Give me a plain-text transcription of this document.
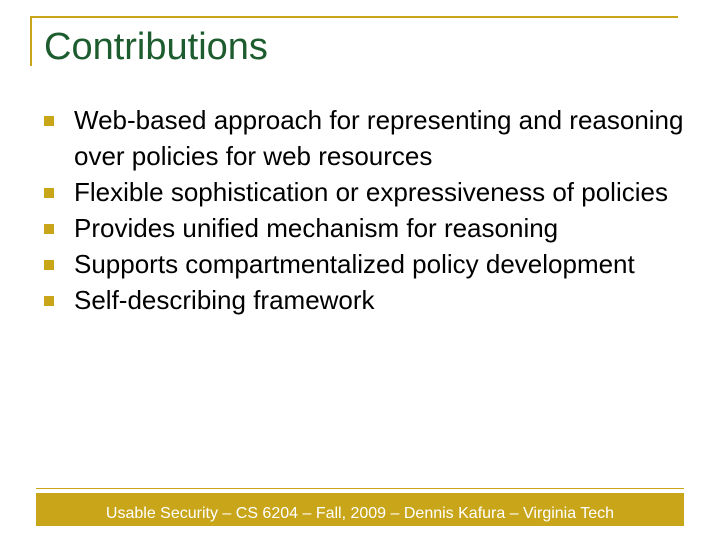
Contributions
Web-based approach for representing and reasoning over policies for web resources
Flexible sophistication or expressiveness of policies
Provides unified mechanism for reasoning
Supports compartmentalized policy development
Self-describing framework
Usable Security – CS 6204 – Fall, 2009 – Dennis Kafura – Virginia Tech
